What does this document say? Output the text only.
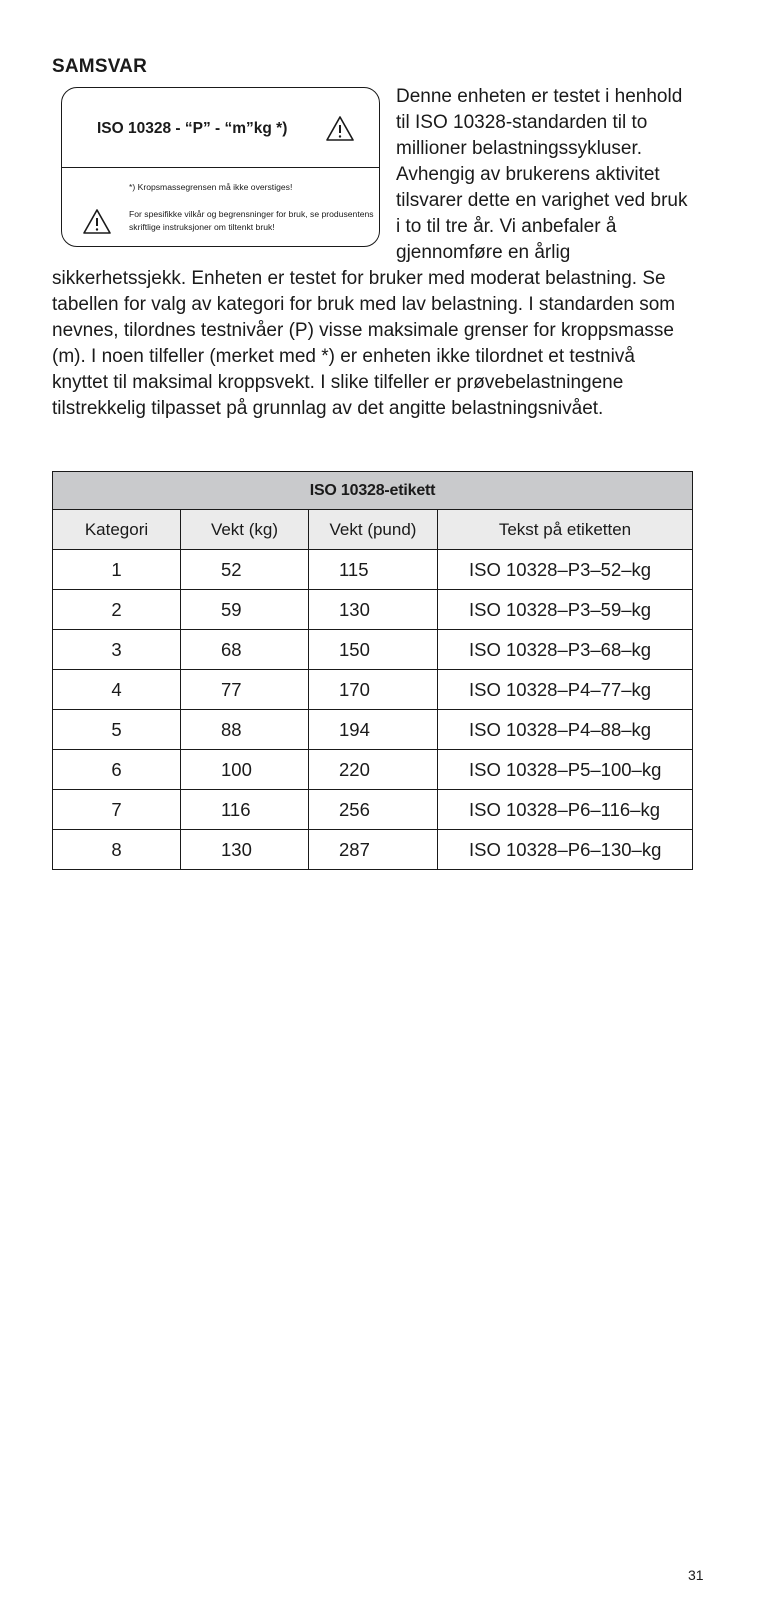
SAMSVAR
Denne enheten er testet i henhold til ISO 10328-standarden til to millioner belastningssykluser. Avhengig av brukerens aktivitet tilsvarer dette en varighet ved bruk i to til tre år. Vi anbefaler å gjennomføre en årlig sikkerhetssjekk. Enheten er testet for bruker med moderat belastning. Se tabellen for valg av kategori for bruk med lav belastning. I standarden som nevnes, tilordnes testnivåer (P) visse maksimale grenser for kroppsmasse (m). I noen tilfeller (merket med *) er enheten ikke tilordnet et testnivå knyttet til maksimal kroppsvekt. I slike tilfeller er prøvebelastningene tilstrekkelig tilpasset på grunnlag av det angitte belastningsnivået.
ISO 10328 - “P” - “m”kg *)
*) Kropsmassegrensen må ikke overstiges!
For spesifikke vilkår og begrensninger for bruk, se produsentens skriftlige instruksjoner om tiltenkt bruk!
ISO 10328-etikett			
Kategori	Vekt (kg)	Vekt (pund)	Tekst på etiketten
1	52	115	ISO 10328–P3–52–kg
2	59	130	ISO 10328–P3–59–kg
3	68	150	ISO 10328–P3–68–kg
4	77	170	ISO 10328–P4–77–kg
5	88	194	ISO 10328–P4–88–kg
6	100	220	ISO 10328–P5–100–kg
7	116	256	ISO 10328–P6–116–kg
8	130	287	ISO 10328–P6–130–kg
31
